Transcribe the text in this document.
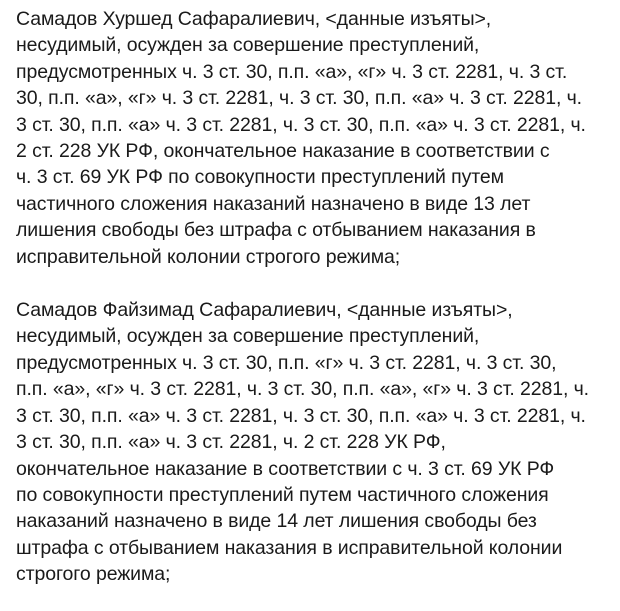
Самадов Хуршед Сафаралиевич, <данные изъяты>,
несудимый, осужден за совершение преступлений,
предусмотренных ч. 3 ст. 30, п.п. «а», «г» ч. 3 ст. 2281, ч. 3 ст.
30, п.п. «а», «г» ч. 3 ст. 2281, ч. 3 ст. 30, п.п. «а» ч. 3 ст. 2281, ч.
3 ст. 30, п.п. «а» ч. 3 ст. 2281, ч. 3 ст. 30, п.п. «а» ч. 3 ст. 2281, ч.
2 ст. 228 УК РФ, окончательное наказание в соответствии с
ч. 3 ст. 69 УК РФ по совокупности преступлений путем
частичного сложения наказаний назначено в виде 13 лет
лишения свободы без штрафа с отбыванием наказания в
исправительной колонии строгого режима;

Самадов Файзимад Сафаралиевич, <данные изъяты>,
несудимый, осужден за совершение преступлений,
предусмотренных ч. 3 ст. 30, п.п. «г» ч. 3 ст. 2281, ч. 3 ст. 30,
п.п. «а», «г» ч. 3 ст. 2281, ч. 3 ст. 30, п.п. «а», «г» ч. 3 ст. 2281, ч.
3 ст. 30, п.п. «а» ч. 3 ст. 2281, ч. 3 ст. 30, п.п. «а» ч. 3 ст. 2281, ч.
3 ст. 30, п.п. «а» ч. 3 ст. 2281, ч. 2 ст. 228 УК РФ,
окончательное наказание в соответствии с ч. 3 ст. 69 УК РФ
по совокупности преступлений путем частичного сложения
наказаний назначено в виде 14 лет лишения свободы без
штрафа с отбыванием наказания в исправительной колонии
строгого режима;
